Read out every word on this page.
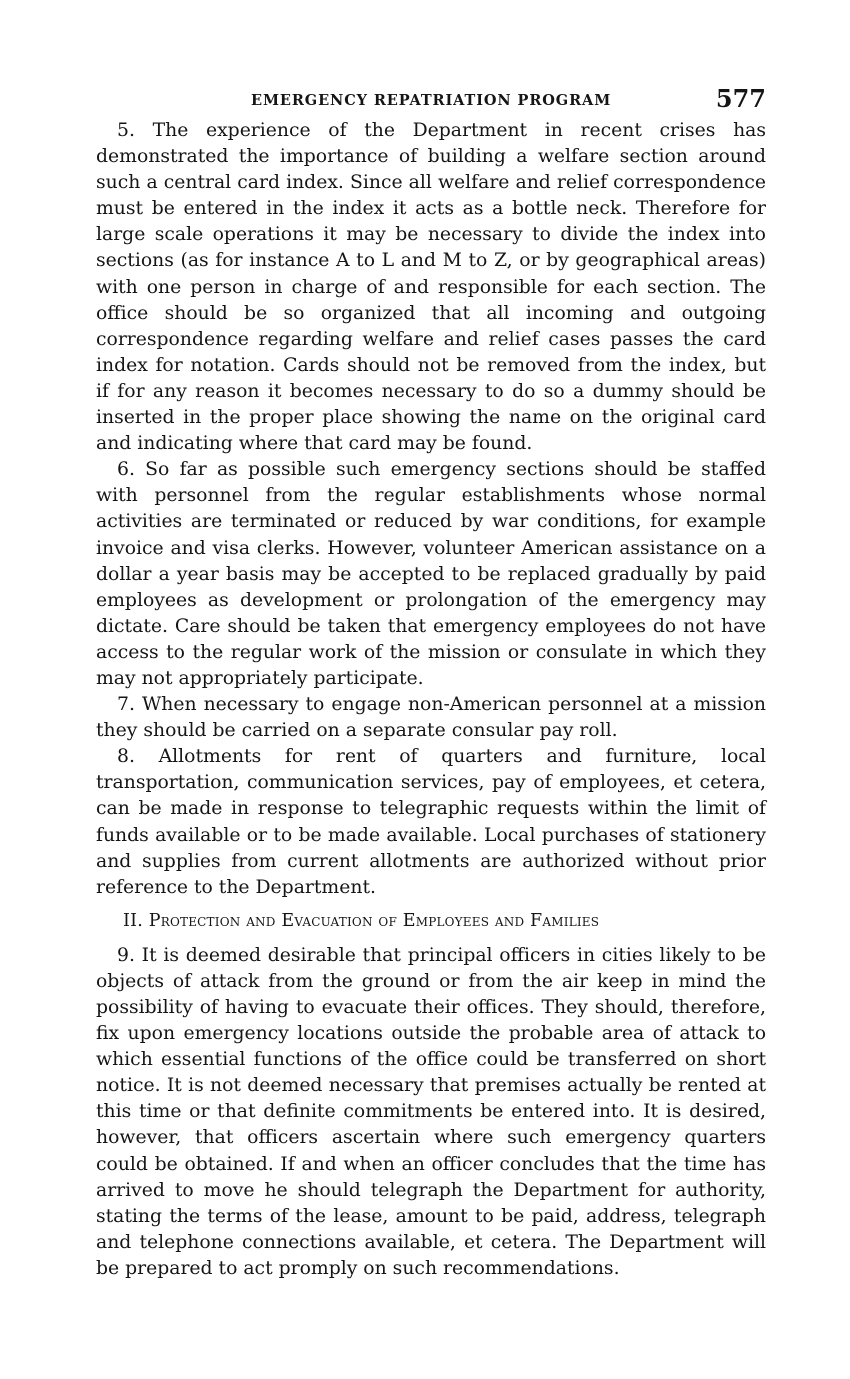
EMERGENCY REPATRIATION PROGRAM	577

5. The experience of the Department in recent crises has demonstrated the importance of building a welfare section around such a central card index. Since all welfare and relief correspondence must be entered in the index it acts as a bottle neck. Therefore for large scale operations it may be necessary to divide the index into sections (as for instance A to L and M to Z, or by geographical areas) with one person in charge of and responsible for each section. The office should be so organized that all incoming and outgoing correspondence regarding welfare and relief cases passes the card index for notation. Cards should not be removed from the index, but if for any reason it becomes necessary to do so a dummy should be inserted in the proper place showing the name on the original card and indicating where that card may be found.

6. So far as possible such emergency sections should be staffed with personnel from the regular establishments whose normal activities are terminated or reduced by war conditions, for example invoice and visa clerks. However, volunteer American assistance on a dollar a year basis may be accepted to be replaced gradually by paid employees as development or prolongation of the emergency may dictate. Care should be taken that emergency employees do not have access to the regular work of the mission or consulate in which they may not appropriately participate.

7. When necessary to engage non-American personnel at a mission they should be carried on a separate consular pay roll.

8. Allotments for rent of quarters and furniture, local transportation, communication services, pay of employees, et cetera, can be made in response to telegraphic requests within the limit of funds available or to be made available. Local purchases of stationery and supplies from current allotments are authorized without prior reference to the Department.

II. Protection and Evacuation of Employees and Families

9. It is deemed desirable that principal officers in cities likely to be objects of attack from the ground or from the air keep in mind the possibility of having to evacuate their offices. They should, therefore, fix upon emergency locations outside the probable area of attack to which essential functions of the office could be transferred on short notice. It is not deemed necessary that premises actually be rented at this time or that definite commitments be entered into. It is desired, however, that officers ascertain where such emergency quarters could be obtained. If and when an officer concludes that the time has arrived to move he should telegraph the Department for authority, stating the terms of the lease, amount to be paid, address, telegraph and telephone connections available, et cetera. The Department will be prepared to act promply on such recommendations.
